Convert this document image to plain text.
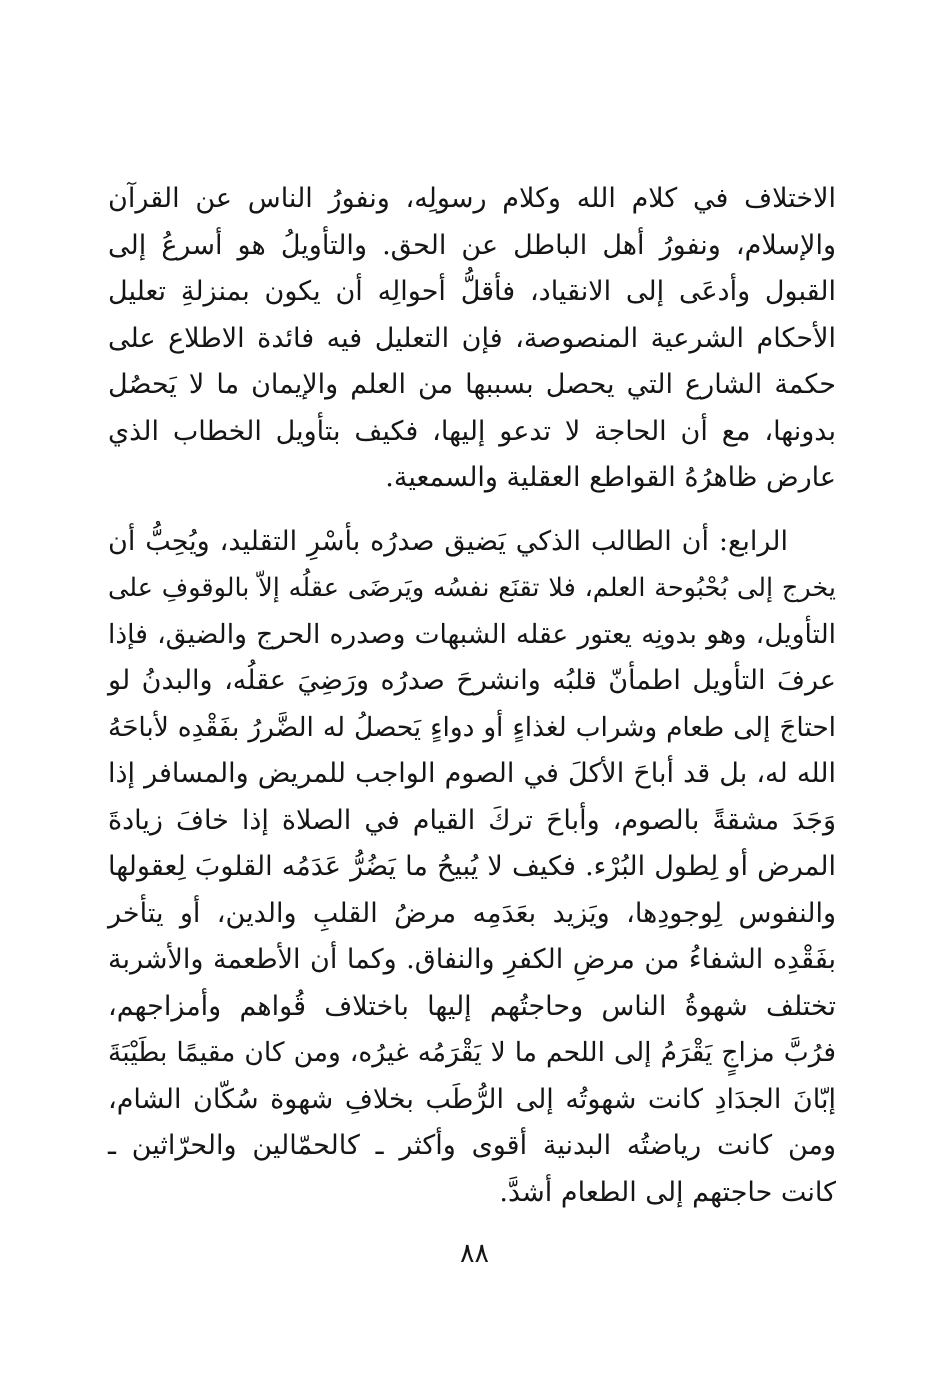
الاختلاف في كلام الله وكلام رسولِه، ونفورُ الناس عن القرآن
والإسلام، ونفورُ أهل الباطل عن الحق. والتأويلُ هو أسرعُ إلى
القبول وأدعَى إلى الانقياد، فأقلُّ أحوالِه أن يكون بمنزلةِ تعليل
الأحكام الشرعية المنصوصة، فإن التعليل فيه فائدة الاطلاع على
حكمة الشارع التي يحصل بسببها من العلم والإيمان ما لا يَحصُل
بدونها، مع أن الحاجة لا تدعو إليها، فكيف بتأويل الخطاب الذي
عارض ظاهرُهُ القواطع العقلية والسمعية.

الرابع: أن الطالب الذكي يَضيق صدرُه بأسْرِ التقليد، ويُحِبُّ أن
يخرج إلى بُحْبُوحة العلم، فلا تقنَع نفسُه ويَرضَى عقلُه إلاّ بالوقوفِ على
التأويل، وهو بدونِه يعتور عقله الشبهات وصدره الحرج والضيق، فإذا
عرفَ التأويل اطمأنّ قلبُه وانشرحَ صدرُه ورَضِيَ عقلُه، والبدنُ لو
احتاجَ إلى طعام وشراب لغذاءٍ أو دواءٍ يَحصلُ له الضَّررُ بفَقْدِه لأباحَهُ
الله له، بل قد أباحَ الأكلَ في الصوم الواجب للمريض والمسافر إذا
وَجَدَ مشقةً بالصوم، وأباحَ تركَ القيام في الصلاة إذا خافَ زيادةَ
المرض أو لِطول البُرْء. فكيف لا يُبيحُ ما يَضُرُّ عَدَمُه القلوبَ لِعقولها
والنفوس لِوجودِها، ويَزيد بعَدَمِه مرضُ القلبِ والدين، أو يتأخر
بفَقْدِه الشفاءُ من مرضِ الكفرِ والنفاق. وكما أن الأطعمة والأشربة
تختلف شهوةُ الناس وحاجتُهم إليها باختلاف قُواهم وأمزاجهم،
فرُبَّ مزاجٍ يَقْرَمُ إلى اللحم ما لا يَقْرَمُه غيرُه، ومن كان مقيمًا بطَيْبَةَ
إبّانَ الجدَادِ كانت شهوتُه إلى الرُّطَب بخلافِ شهوة سُكّان الشام،
ومن كانت رياضتُه البدنية أقوى وأكثر ـ كالحمّالين والحرّاثين ـ
كانت حاجتهم إلى الطعام أشدَّ.

٨٨
